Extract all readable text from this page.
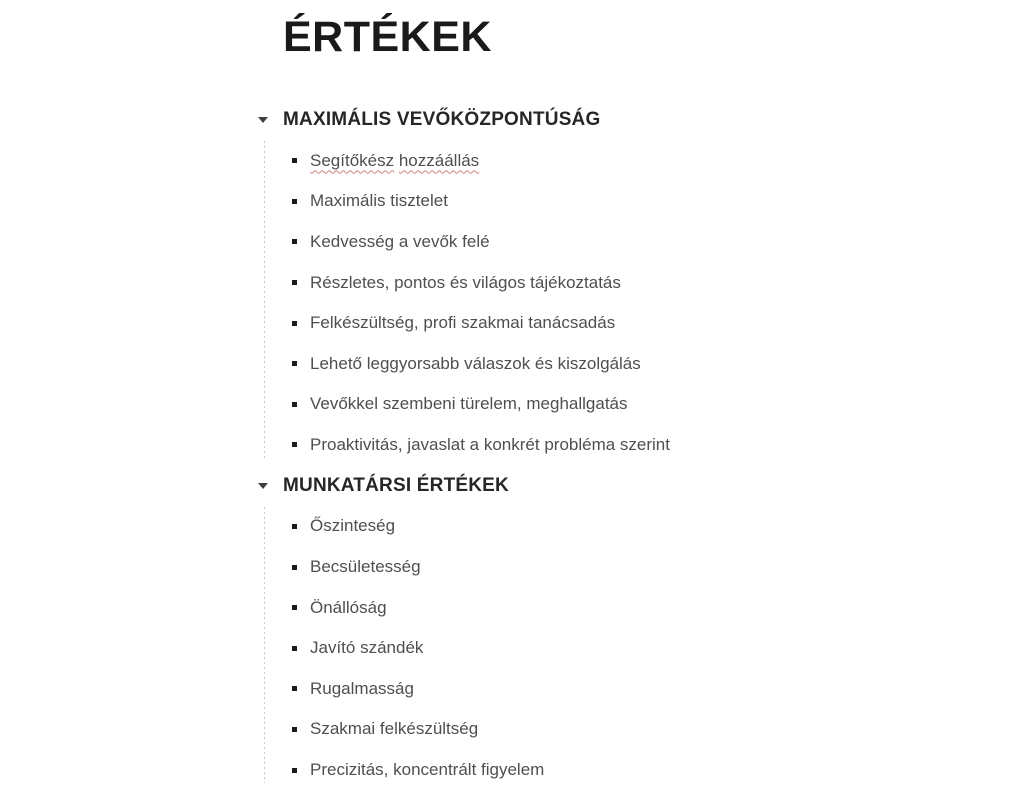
ÉRTÉKEK
MAXIMÁLIS VEVŐKÖZPONTÚSÁG
Segítőkész hozzáállás
Maximális tisztelet
Kedvesség a vevők felé
Részletes, pontos és világos tájékoztatás
Felkészültség, profi szakmai tanácsadás
Lehető leggyorsabb válaszok és kiszolgálás
Vevőkkel szembeni türelem, meghallgatás
Proaktivitás, javaslat a konkrét probléma szerint
MUNKATÁRSI ÉRTÉKEK
Őszinteség
Becsületesség
Önállóság
Javító szándék
Rugalmasság
Szakmai felkészültség
Precizitás, koncentrált figyelem
